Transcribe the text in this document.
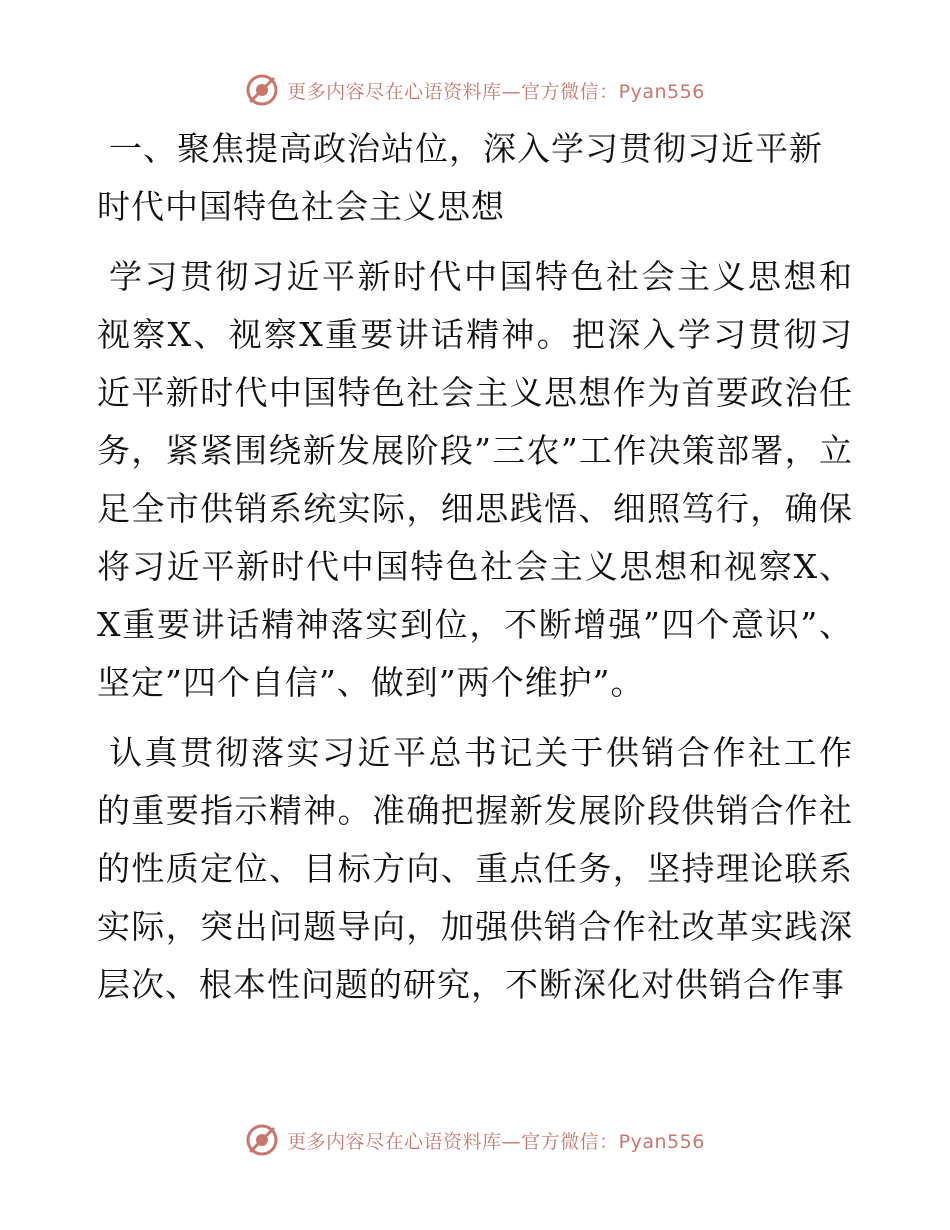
更多内容尽在心语资料库—官方微信：Pyan556
一、聚焦提高政治站位，深入学习贯彻习近平新时代中国特色社会主义思想

学习贯彻习近平新时代中国特色社会主义思想和视察X、视察X重要讲话精神。把深入学习贯彻习近平新时代中国特色社会主义思想作为首要政治任务，紧紧围绕新发展阶段”三农”工作决策部署，立足全市供销系统实际，细思践悟、细照笃行，确保将习近平新时代中国特色社会主义思想和视察X、X重要讲话精神落实到位，不断增强”四个意识”、坚定”四个自信”、做到”两个维护”。

认真贯彻落实习近平总书记关于供销合作社工作的重要指示精神。准确把握新发展阶段供销合作社的性质定位、目标方向、重点任务，坚持理论联系实际，突出问题导向，加强供销合作社改革实践深层次、根本性问题的研究，不断深化对供销合作事

更多内容尽在心语资料库—官方微信：Pyan556
